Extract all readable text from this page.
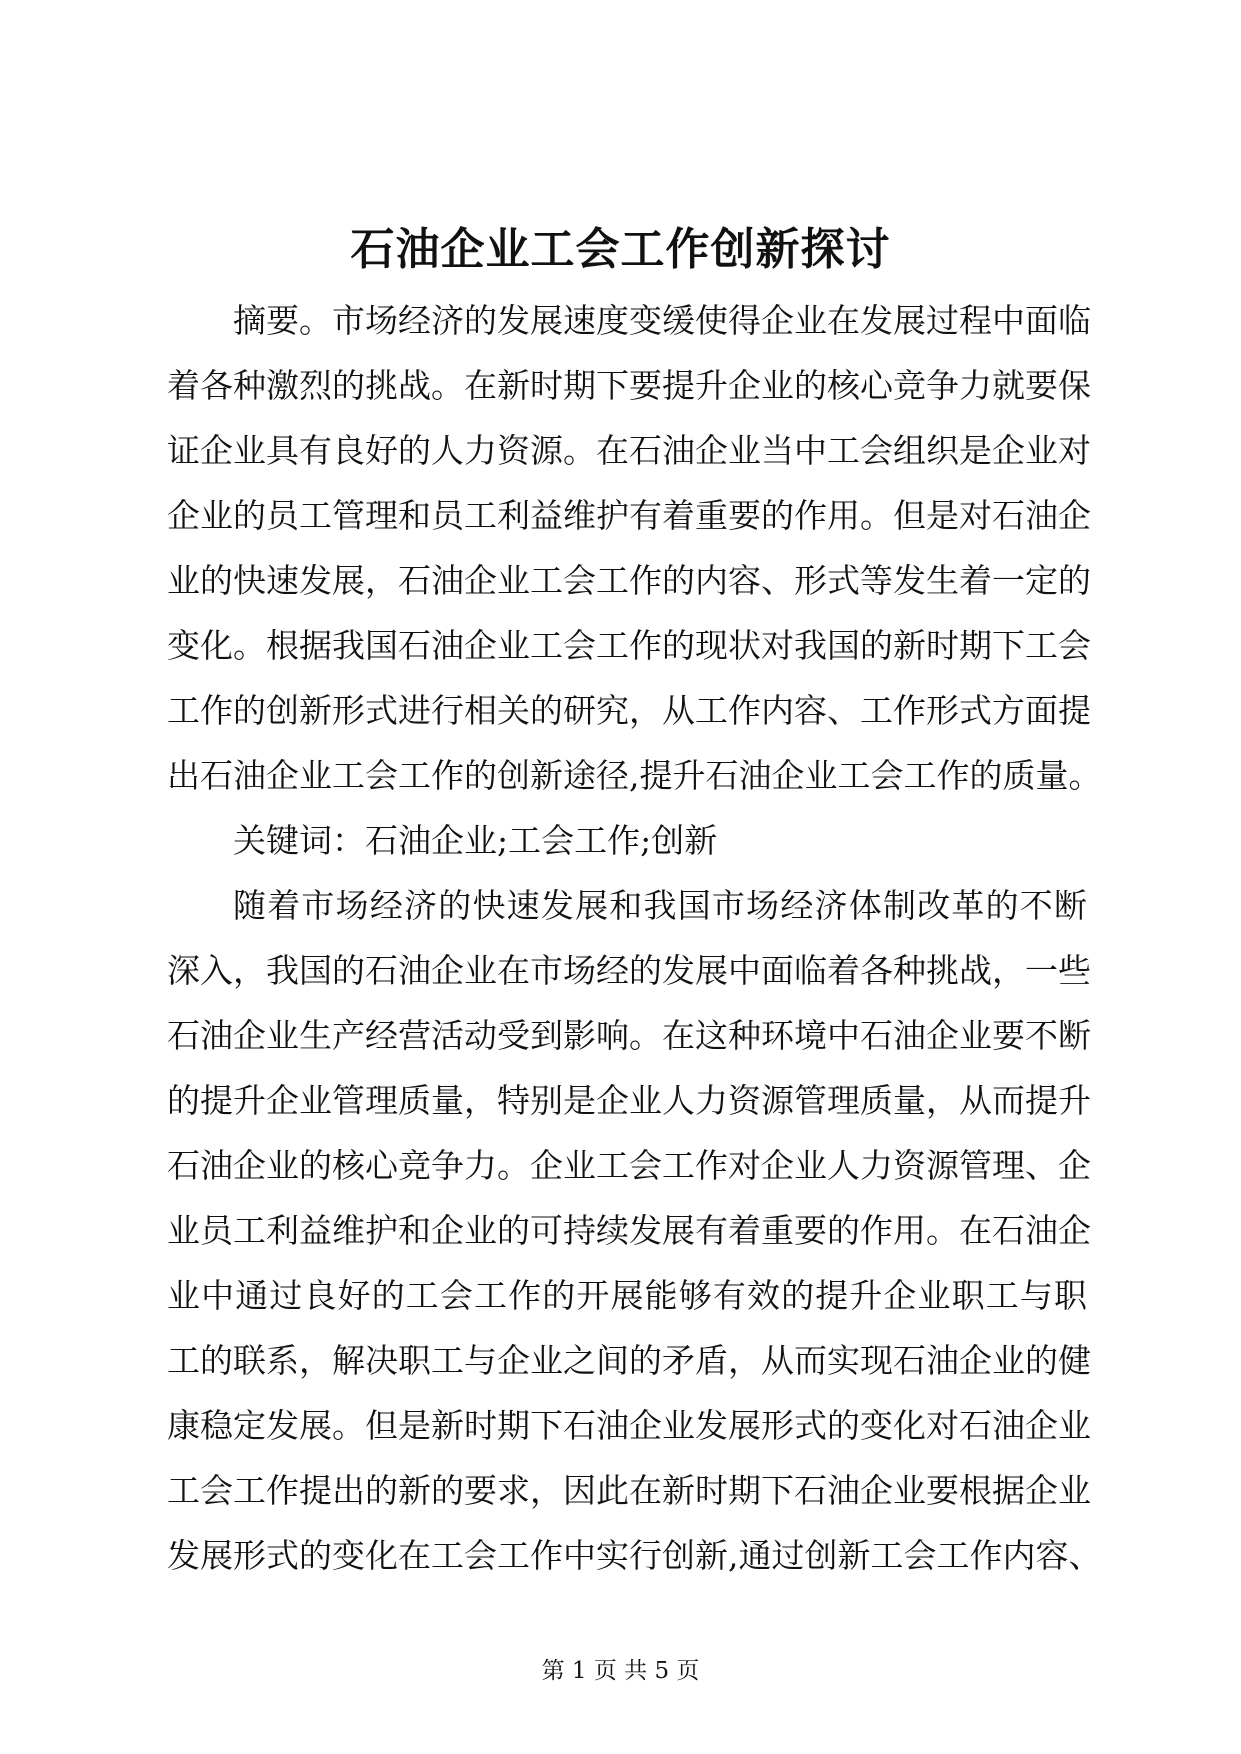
石油企业工会工作创新探讨
摘要。市场经济的发展速度变缓使得企业在发展过程中面临
着各种激烈的挑战。在新时期下要提升企业的核心竞争力就要保
证企业具有良好的人力资源。在石油企业当中工会组织是企业对
企业的员工管理和员工利益维护有着重要的作用。但是对石油企
业的快速发展，石油企业工会工作的内容、形式等发生着一定的
变化。根据我国石油企业工会工作的现状对我国的新时期下工会
工作的创新形式进行相关的研究，从工作内容、工作形式方面提
出石油企业工会工作的创新途径,提升石油企业工会工作的质量。
关键词：石油企业;工会工作;创新
随着市场经济的快速发展和我国市场经济体制改革的不断
深入，我国的石油企业在市场经的发展中面临着各种挑战，一些
石油企业生产经营活动受到影响。在这种环境中石油企业要不断
的提升企业管理质量，特别是企业人力资源管理质量，从而提升
石油企业的核心竞争力。企业工会工作对企业人力资源管理、企
业员工利益维护和企业的可持续发展有着重要的作用。在石油企
业中通过良好的工会工作的开展能够有效的提升企业职工与职
工的联系，解决职工与企业之间的矛盾，从而实现石油企业的健
康稳定发展。但是新时期下石油企业发展形式的变化对石油企业
工会工作提出的新的要求，因此在新时期下石油企业要根据企业
发展形式的变化在工会工作中实行创新,通过创新工会工作内容、
第 1 页 共 5 页
